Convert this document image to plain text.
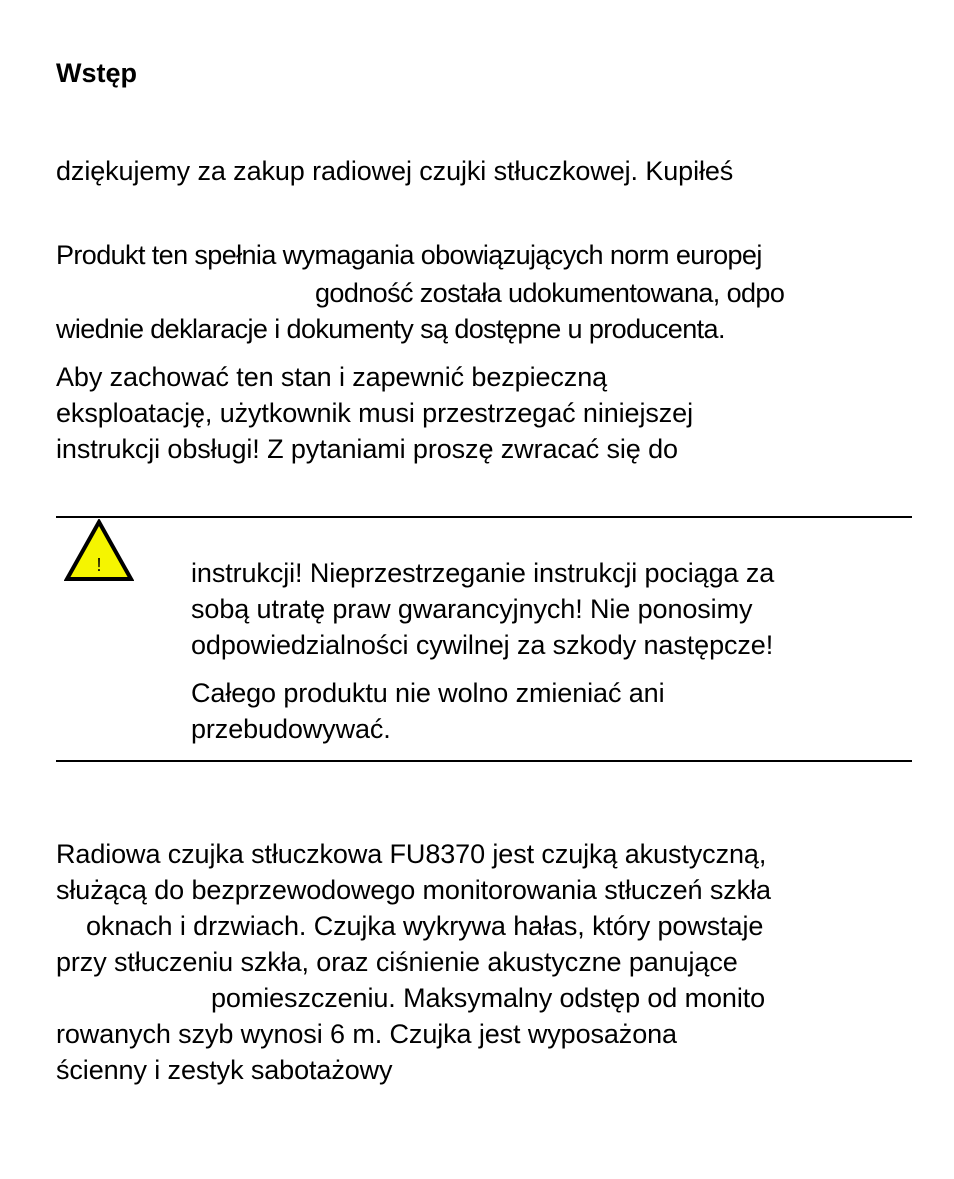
Wstęp
dziękujemy za zakup radiowej czujki stłuczkowej. Kupiłeś
Produkt ten spełnia wymagania obowiązujących norm europej
godność została udokumentowana, odpo
wiednie deklaracje i dokumenty są dostępne u producenta.
Aby zachować ten stan i zapewnić bezpieczną
eksploatację, użytkownik musi przestrzegać niniejszej
instrukcji obsługi! Z pytaniami proszę zwracać się do
!	instrukcji! Nieprzestrzeganie instrukcji pociąga za
sobą utratę praw gwarancyjnych! Nie ponosimy
odpowiedzialności cywilnej za szkody następcze!
Całego produktu nie wolno zmieniać ani
przebudowywać.
Radiowa czujka stłuczkowa FU8370 jest czujką akustyczną,
służącą do bezprzewodowego monitorowania stłuczeń szkła
oknach i drzwiach. Czujka wykrywa hałas, który powstaje
przy stłuczeniu szkła, oraz ciśnienie akustyczne panujące
pomieszczeniu. Maksymalny odstęp od monito
rowanych szyb wynosi 6 m. Czujka jest wyposażona
ścienny i zestyk sabotażowy
